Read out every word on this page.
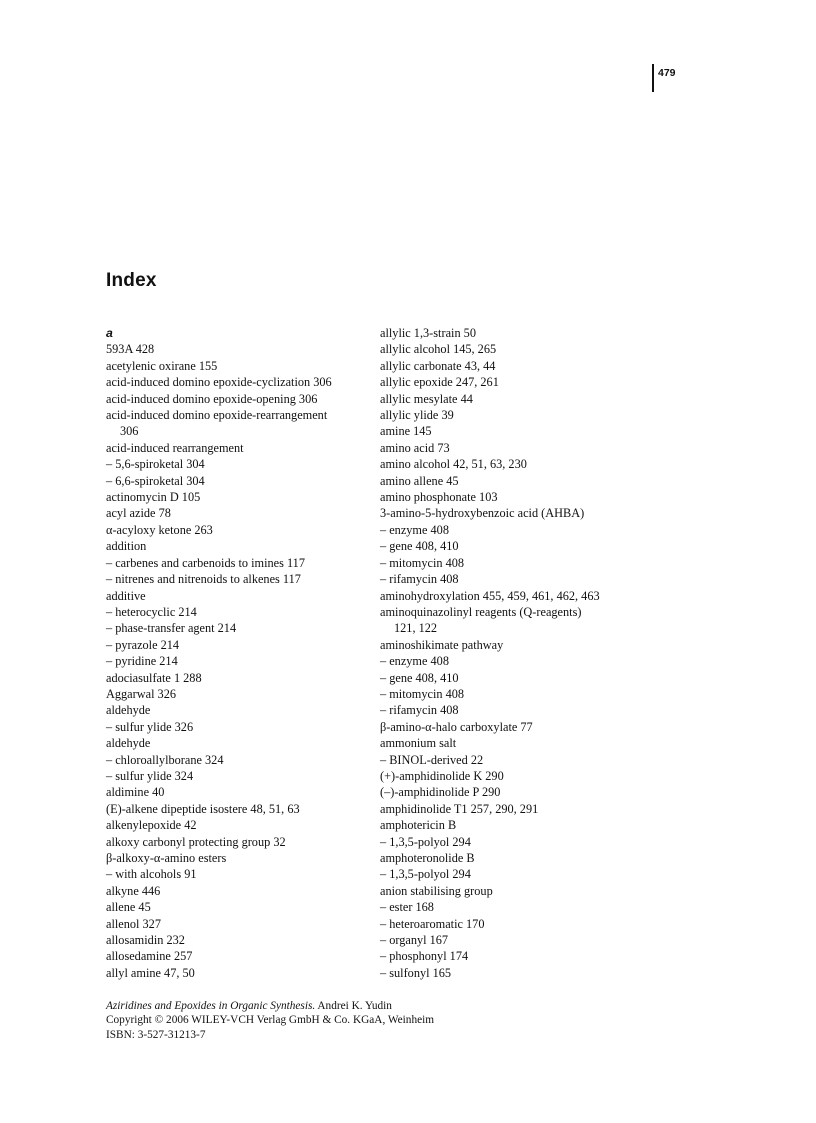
479
Index
a
593A 428
acetylenic oxirane 155
acid-induced domino epoxide-cyclization 306
acid-induced domino epoxide-opening 306
acid-induced domino epoxide-rearrangement
306
acid-induced rearrangement
– 5,6-spiroketal 304
– 6,6-spiroketal 304
actinomycin D 105
acyl azide 78
α-acyloxy ketone 263
addition
– carbenes and carbenoids to imines 117
– nitrenes and nitrenoids to alkenes 117
additive
– heterocyclic 214
– phase-transfer agent 214
– pyrazole 214
– pyridine 214
adociasulfate 1 288
Aggarwal 326
aldehyde
– sulfur ylide 326
aldehyde
– chloroallylborane 324
– sulfur ylide 324
aldimine 40
(E)-alkene dipeptide isostere 48, 51, 63
alkenylepoxide 42
alkoxy carbonyl protecting group 32
β-alkoxy-α-amino esters
– with alcohols 91
alkyne 446
allene 45
allenol 327
allosamidin 232
allosedamine 257
allyl amine 47, 50
allylic 1,3-strain 50
allylic alcohol 145, 265
allylic carbonate 43, 44
allylic epoxide 247, 261
allylic mesylate 44
allylic ylide 39
amine 145
amino acid 73
amino alcohol 42, 51, 63, 230
amino allene 45
amino phosphonate 103
3-amino-5-hydroxybenzoic acid (AHBA)
– enzyme 408
– gene 408, 410
– mitomycin 408
– rifamycin 408
aminohydroxylation 455, 459, 461, 462, 463
aminoquinazolinyl reagents (Q-reagents)
121, 122
aminoshikimate pathway
– enzyme 408
– gene 408, 410
– mitomycin 408
– rifamycin 408
β-amino-α-halo carboxylate 77
ammonium salt
– BINOL-derived 22
(+)-amphidinolide K 290
(–)-amphidinolide P 290
amphidinolide T1 257, 290, 291
amphotericin B
– 1,3,5-polyol 294
amphoteronolide B
– 1,3,5-polyol 294
anion stabilising group
– ester 168
– heteroaromatic 170
– organyl 167
– phosphonyl 174
– sulfonyl 165
Aziridines and Epoxides in Organic Synthesis. Andrei K. Yudin
Copyright © 2006 WILEY-VCH Verlag GmbH & Co. KGaA, Weinheim
ISBN: 3-527-31213-7
